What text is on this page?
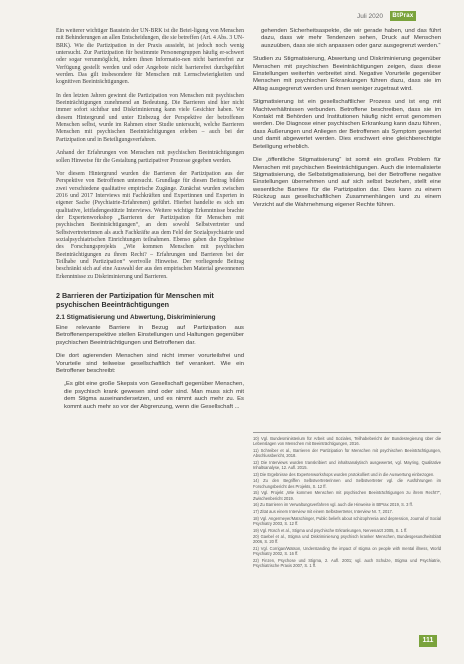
Juli 2020	BtPrax

Ein weiterer wichtiger Baustein der UN-BRK ist die Betei-ligung von Menschen mit Behinderungen an allen Entscheidungen, die sie betreffen (Art. 4 Abs. 3 UN-BRK). Wie die Partizipation in der Praxis aussieht, ist jedoch noch wenig untersucht. Zur Partizipation für bestimmte Personengruppen häufig er-schwert oder sogar verunmöglicht, indem ihnen Informatio-nen nicht barrierefrei zur Verfügung gestellt werden und oder Angebote nicht barrierefrei durchgeführt werden. Das gilt insbesondere für Menschen mit Lernschwierigkeiten und kognitiven Beeinträchtigungen.

In den letzten Jahren gewinnt die Partizipation von Menschen mit psychischen Beeinträchtigungen zunehmend an Bedeutung. Die Barrieren sind hier nicht immer sofort sichtbar und Diskriminierung kann viele Gesichter haben. Vor diesem Hintergrund und unter Einbezug der Perspektive der betroffenen Menschen selbst, wurde im Rahmen einer Studie untersucht, welche Barrieren Menschen mit psychischen Beeinträchtigungen erleben – auch bei der Partizipation und in Beteiligungsverfahren.

Anhand der Erfahrungen von Menschen mit psychischen Beeinträchtigungen sollen Hinweise für die Gestaltung partizipativer Prozesse gegeben werden.

Vor diesem Hintergrund wurden die Barrieren der Partizipation aus der Perspektive von Betroffenen untersucht. Grundlage für diesen Beitrag bilden zwei verschiedene qualitative empirische Zugänge. Zunächst wurden zwischen 2016 und 2017 Interviews mit Fachkräften und Expertinnen und Experten in eigener Sache (Psychiatrie-Erfahrenen) geführt. Hierbei handelte es sich um qualitative, leitfadengestützte Interviews. Weitere wichtige Erkenntnisse brachte der Expertenworkshop „Barrieren der Partizipation für Menschen mit psychischen Beeinträchtigungen“, an dem sowohl Selbstvertreter und Selbstvertreterinnen als auch Fachkräfte aus dem Feld der Sozialpsychiatrie und sozialpsychiatrischen Einrichtungen teilnahmen. Ebenso gaben die Ergebnisse des Forschungsprojekts „Wie kommen Menschen mit psychischen Beeinträchtigungen zu ihrem Recht? – Erfahrungen und Barrieren bei der Teilhabe und Partizipation“ wertvolle Hinweise. Der vorliegende Beitrag beschränkt sich auf eine Auswahl der aus den empirischen Material gewonnenen Erkenntnisse zu Diskriminierung und Barrieren.

2 Barrieren der Partizipation für Menschen mit psychischen Beeinträchtigungen
2.1 Stigmatisierung und Abwertung, Diskriminierung

Eine relevante Barriere in Bezug auf Partizipation aus Betroffenenperspektive stellen Einstellungen und Haltungen gegenüber psychischen Beeinträchtigungen und Betroffenen dar.

Die dort agierenden Menschen sind nicht immer vorurteilsfrei und Vorurteile sind teilweise gesellschaftlich tief verankert. Wie ein Betroffener beschreibt:

„Es gibt eine große Skepsis von Gesellschaft gegenüber Menschen, die psychisch krank gewesen sind oder sind. Man muss sich mit dem Stigma auseinandersetzen, und es nimmt auch mehr zu. Es kommt auch mehr so vor der Abgrenzung, wenn die Gesellschaft ...

gehenden Sicherheitsaspekte, die wir gerade haben, und das führt dazu, dass wir mehr Tendenzen sehen, Druck auf Menschen auszuüben, dass sie sich anpassen oder ganz ausgegrenzt werden.“

Studien zu Stigmatisierung, Abwertung und Diskriminierung gegenüber Menschen mit psychischen Beeinträchtigungen zeigen, dass diese Einstellungen weiterhin verbreitet sind. Negative Vorurteile gegenüber Menschen mit psychischen Erkrankungen führen dazu, dass sie im Alltag ausgegrenzt werden und ihnen weniger zugetraut wird.

Stigmatisierung ist ein gesellschaftlicher Prozess und ist eng mit Machtverhältnissen verbunden. Betroffene beschreiben, dass sie im Kontakt mit Behörden und Institutionen häufig nicht ernst genommen werden. Die Diagnose einer psychischen Erkrankung kann dazu führen, dass Äußerungen und Anliegen der Betroffenen als Symptom gewertet und damit abgewertet werden. Dies erschwert eine gleichberechtigte Beteiligung erheblich.

Die „öffentliche Stigmatisierung“ ist somit ein großes Problem für Menschen mit psychischen Beeinträchtigungen. Auch die internalisierte Stigmatisierung, die Selbststigmatisierung, bei der Betroffene negative Einstellungen übernehmen und auf sich selbst beziehen, stellt eine wesentliche Barriere für die Partizipation dar. Dies kann zu einem Rückzug aus gesellschaftlichen Zusammenhängen und zu einem Verzicht auf die Wahrnehmung eigener Rechte führen.

10) Vgl. Bundesministerium für Arbeit und Soziales, Teilhabebericht der Bundesregierung über die Lebenslagen von Menschen mit Beeinträchtigungen, 2016.

11) Schreiber et al., Barrieren der Partizipation für Menschen mit psychischen Beeinträchtigungen, Abschlussbericht, 2018.

12) Die Interviews wurden transkribiert und inhaltsanalytisch ausgewertet, vgl. Mayring, Qualitative Inhaltsanalyse, 12. Aufl. 2015.

13) Die Ergebnisse des Expertenworkshops wurden protokolliert und in die Auswertung einbezogen.

14) Zu den Begriffen Selbstvertreterinnen und Selbstvertreter vgl. die Ausführungen im Forschungsbericht des Projekts, S. 12 ff.

15) Vgl. Projekt „Wie kommen Menschen mit psychischen Beeinträchtigungen zu ihrem Recht?“, Zwischenbericht 2019.

16) Zu Barrieren im Verwaltungsverfahren vgl. auch die Hinweise in BtPrax 2019, S. 3 ff.

17) Zitat aus einem Interview mit einem Selbstvertreter, Interview Nr. 7, 2017.

18) Vgl. Angermeyer/Matschinger, Public beliefs about schizophrenia and depression, Journal of Social Psychiatry 2003, S. 12 ff.

19) Vgl. Rüsch et al., Stigma und psychische Erkrankungen, Nervenarzt 2005, S. 1 ff.

20) Gaebel et al., Stigma und Diskriminierung psychisch kranker Menschen, Bundesgesundheitsblatt 2006, S. 20 ff.

21) Vgl. Corrigan/Watson, Understanding the impact of stigma on people with mental illness, World Psychiatry 2002, S. 16 ff.

22) Finzen, Psychose und Stigma, 2. Aufl. 2001; vgl. auch Schulze, Stigma und Psychiatrie, Psychiatrische Praxis 2007, S. 1 ff.

111
